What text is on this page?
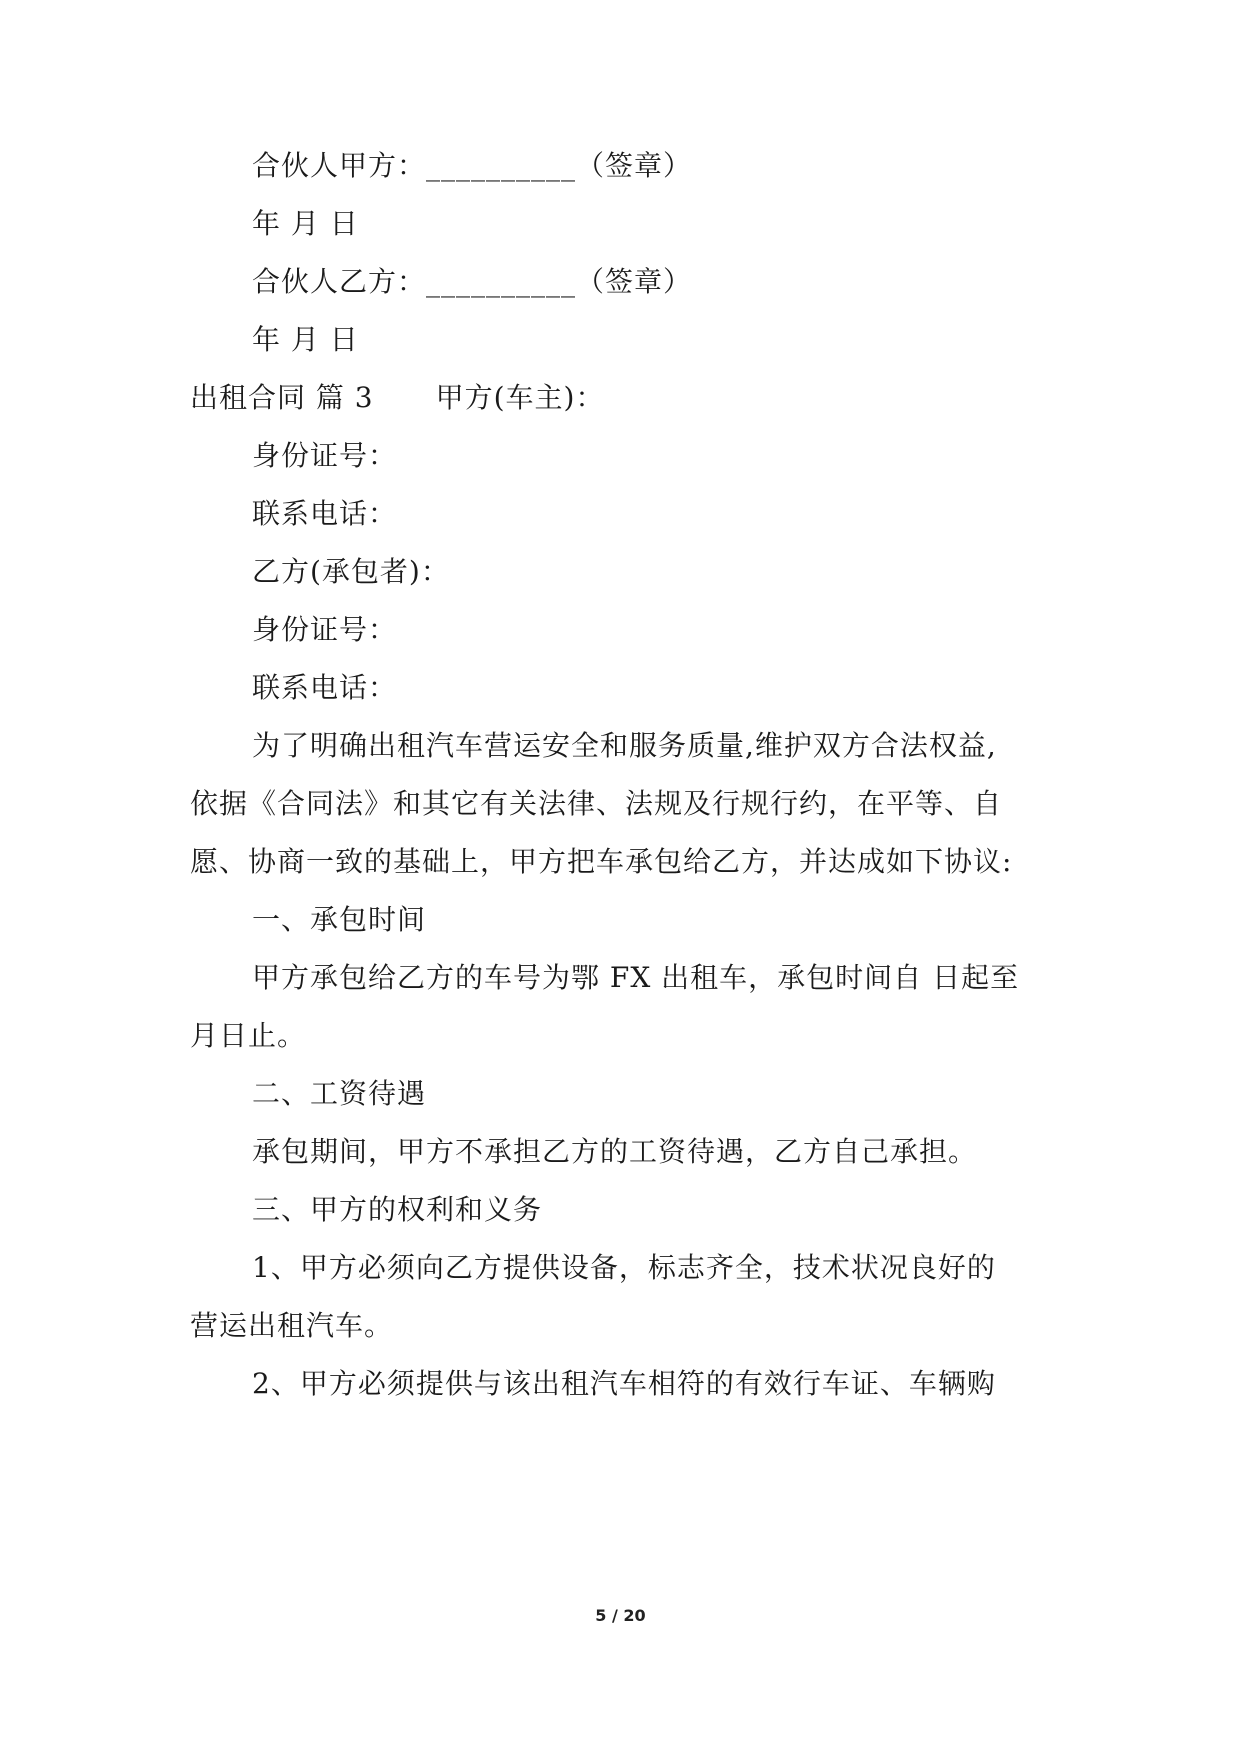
合伙人甲方：__________（签章）
年 月 日
合伙人乙方：__________（签章）
年 月 日
出租合同 篇 3 甲方(车主)：
身份证号：
联系电话：
乙方(承包者)：
身份证号：
联系电话：
为了明确出租汽车营运安全和服务质量,维护双方合法权益,
依据《合同法》和其它有关法律、法规及行规行约，在平等、自
愿、协商一致的基础上，甲方把车承包给乙方，并达成如下协议:
一、承包时间
甲方承包给乙方的车号为鄂 FX 出租车，承包时间自 日起至
月日止。
二、工资待遇
承包期间，甲方不承担乙方的工资待遇，乙方自己承担。
三、甲方的权利和义务
1、甲方必须向乙方提供设备，标志齐全，技术状况良好的
营运出租汽车。
2、甲方必须提供与该出租汽车相符的有效行车证、车辆购
5 / 20
